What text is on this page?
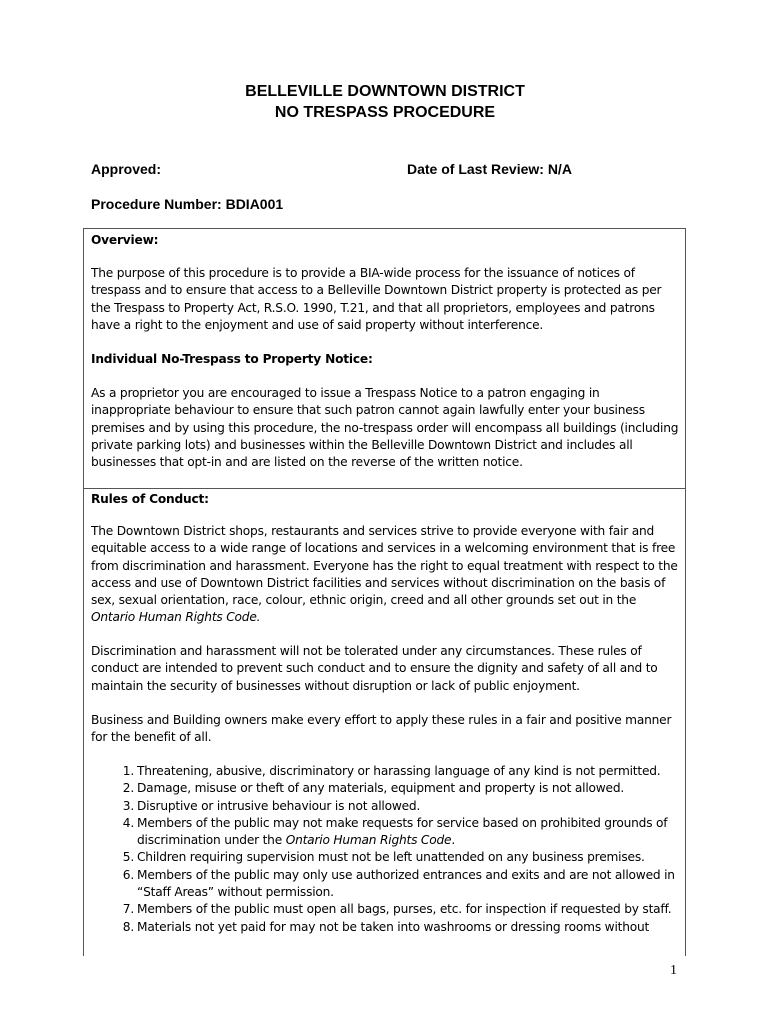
BELLEVILLE DOWNTOWN DISTRICT
NO TRESPASS PROCEDURE
Approved:	Date of Last Review: N/A
Procedure Number: BDIA001
Overview:
The purpose of this procedure is to provide a BIA-wide process for the issuance of notices of trespass and to ensure that access to a Belleville Downtown District property is protected as per the Trespass to Property Act, R.S.O. 1990, T.21, and that all proprietors, employees and patrons have a right to the enjoyment and use of said property without interference.
Individual No-Trespass to Property Notice:
As a proprietor you are encouraged to issue a Trespass Notice to a patron engaging in inappropriate behaviour to ensure that such patron cannot again lawfully enter your business premises and by using this procedure, the no-trespass order will encompass all buildings (including private parking lots) and businesses within the Belleville Downtown District and includes all businesses that opt-in and are listed on the reverse of the written notice.
Rules of Conduct:

The Downtown District shops, restaurants and services strive to provide everyone with fair and equitable access to a wide range of locations and services in a welcoming environment that is free from discrimination and harassment. Everyone has the right to equal treatment with respect to the access and use of Downtown District facilities and services without discrimination on the basis of sex, sexual orientation, race, colour, ethnic origin, creed and all other grounds set out in the Ontario Human Rights Code.

Discrimination and harassment will not be tolerated under any circumstances. These rules of conduct are intended to prevent such conduct and to ensure the dignity and safety of all and to maintain the security of businesses without disruption or lack of public enjoyment.
Business and Building owners make every effort to apply these rules in a fair and positive manner for the benefit of all.
1. Threatening, abusive, discriminatory or harassing language of any kind is not permitted.
2. Damage, misuse or theft of any materials, equipment and property is not allowed.
3. Disruptive or intrusive behaviour is not allowed.
4. Members of the public may not make requests for service based on prohibited grounds of discrimination under the Ontario Human Rights Code.
5. Children requiring supervision must not be left unattended on any business premises.
6. Members of the public may only use authorized entrances and exits and are not allowed in “Staff Areas” without permission.
7. Members of the public must open all bags, purses, etc. for inspection if requested by staff.
8. Materials not yet paid for may not be taken into washrooms or dressing rooms without
1
